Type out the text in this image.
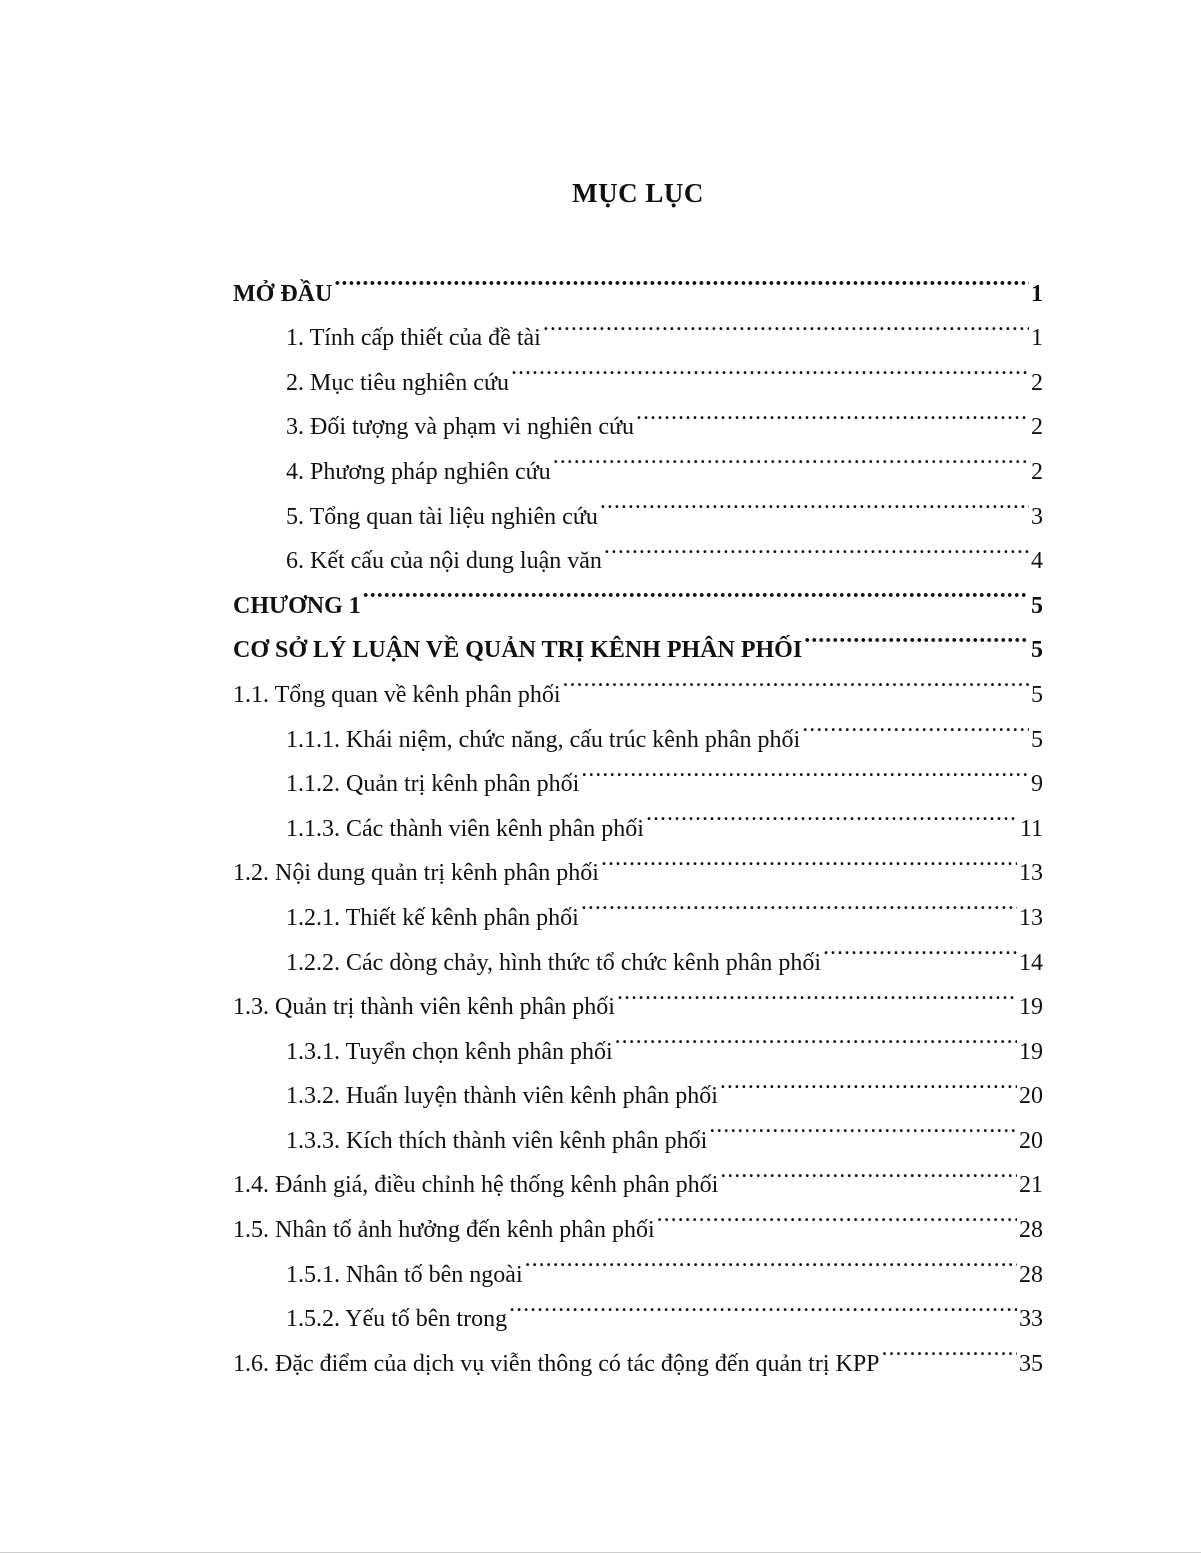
MỤC LỤC
MỞ ĐẦU .....	1
1. Tính cấp thiết của đề tài .....	1
2. Mục tiêu nghiên cứu .....	2
3. Đối tượng và phạm vi nghiên cứu .....	2
4. Phương pháp nghiên cứu .....	2
5. Tổng quan tài liệu nghiên cứu .....	3
6. Kết cấu của nội dung luận văn .....	4
CHƯƠNG 1 .....	5
CƠ SỞ LÝ LUẬN VỀ QUẢN TRỊ KÊNH PHÂN PHỐI .....	5
1.1. Tổng quan về kênh phân phối .....	5
1.1.1. Khái niệm, chức năng, cấu trúc kênh phân phối .....	5
1.1.2. Quản trị kênh phân phối .....	9
1.1.3. Các thành viên kênh phân phối .....	11
1.2. Nội dung quản trị kênh phân phối .....	13
1.2.1. Thiết kế kênh phân phối .....	13
1.2.2. Các dòng chảy, hình thức tổ chức kênh phân phối .....	14
1.3. Quản trị thành viên kênh phân phối .....	19
1.3.1. Tuyển chọn kênh phân phối .....	19
1.3.2. Huấn luyện thành viên kênh phân phối .....	20
1.3.3. Kích thích thành viên kênh phân phối .....	20
1.4. Đánh giá, điều chỉnh hệ thống kênh phân phối .....	21
1.5. Nhân tố ảnh hưởng đến kênh phân phối .....	28
1.5.1. Nhân tố bên ngoài .....	28
1.5.2. Yếu tố bên trong .....	33
1.6. Đặc điểm của dịch vụ viễn thông có tác động đến quản trị KPP .....	35
